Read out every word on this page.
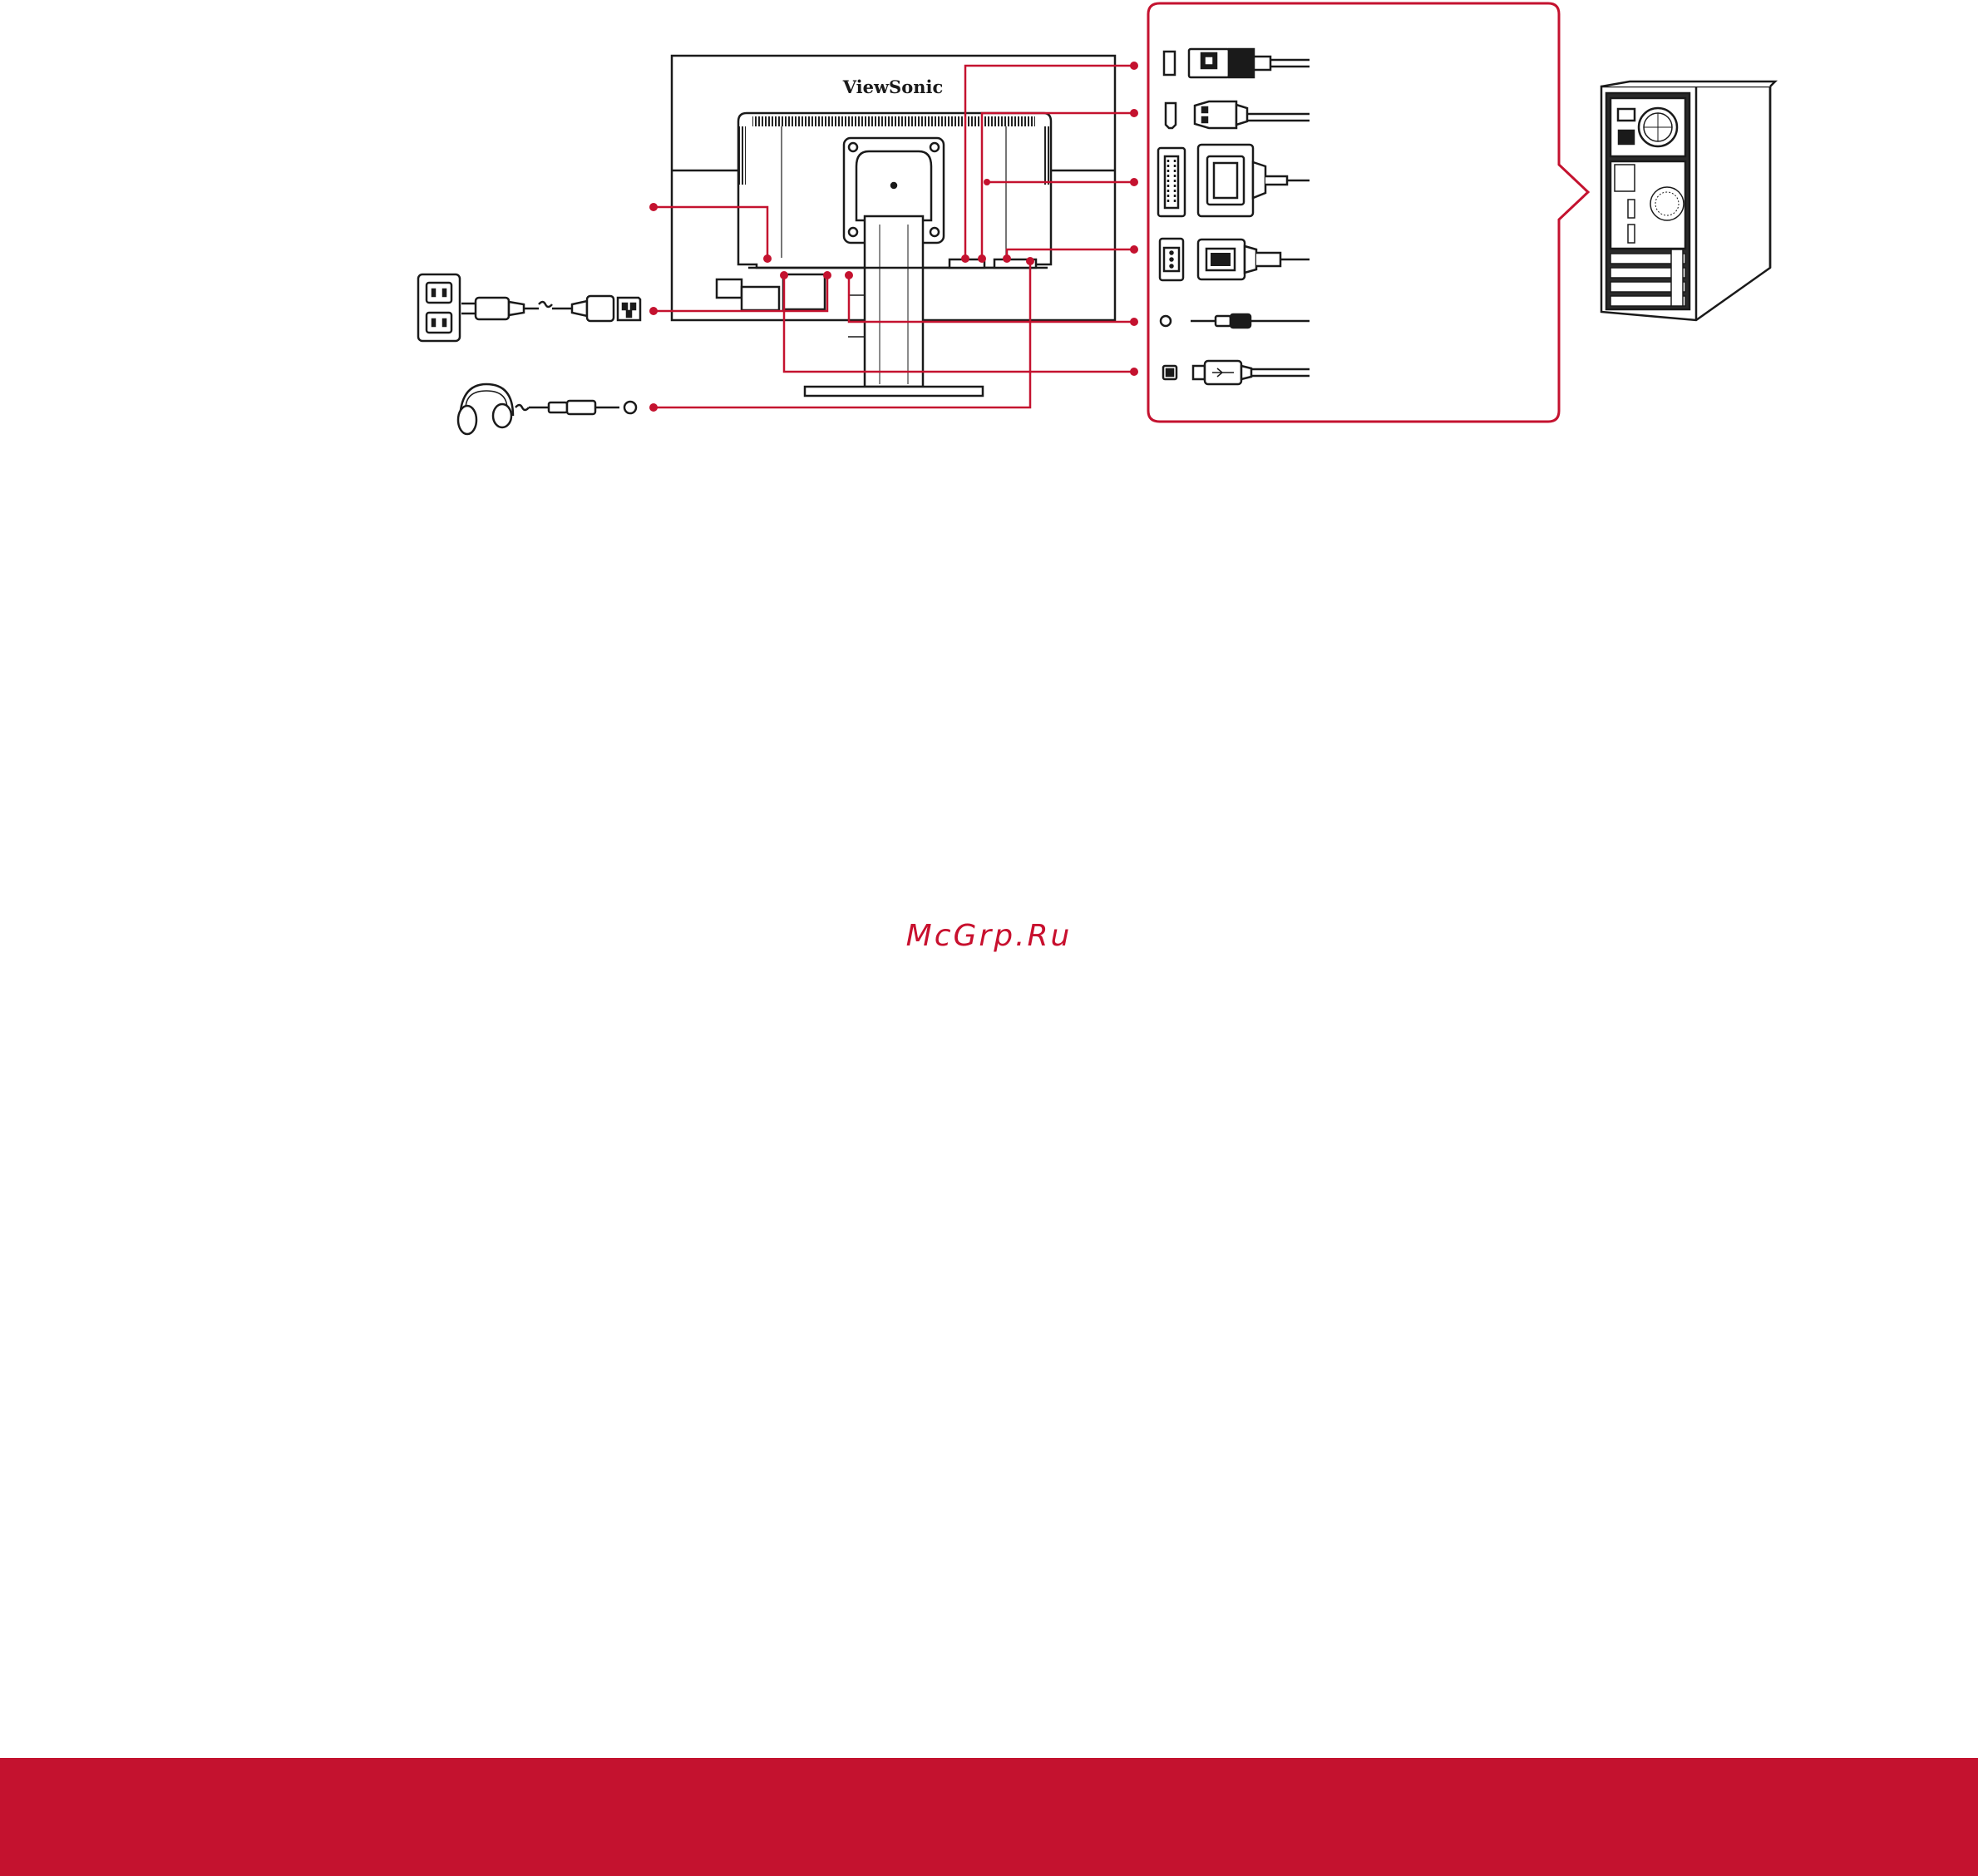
ViewSonic
McGrp.Ru
